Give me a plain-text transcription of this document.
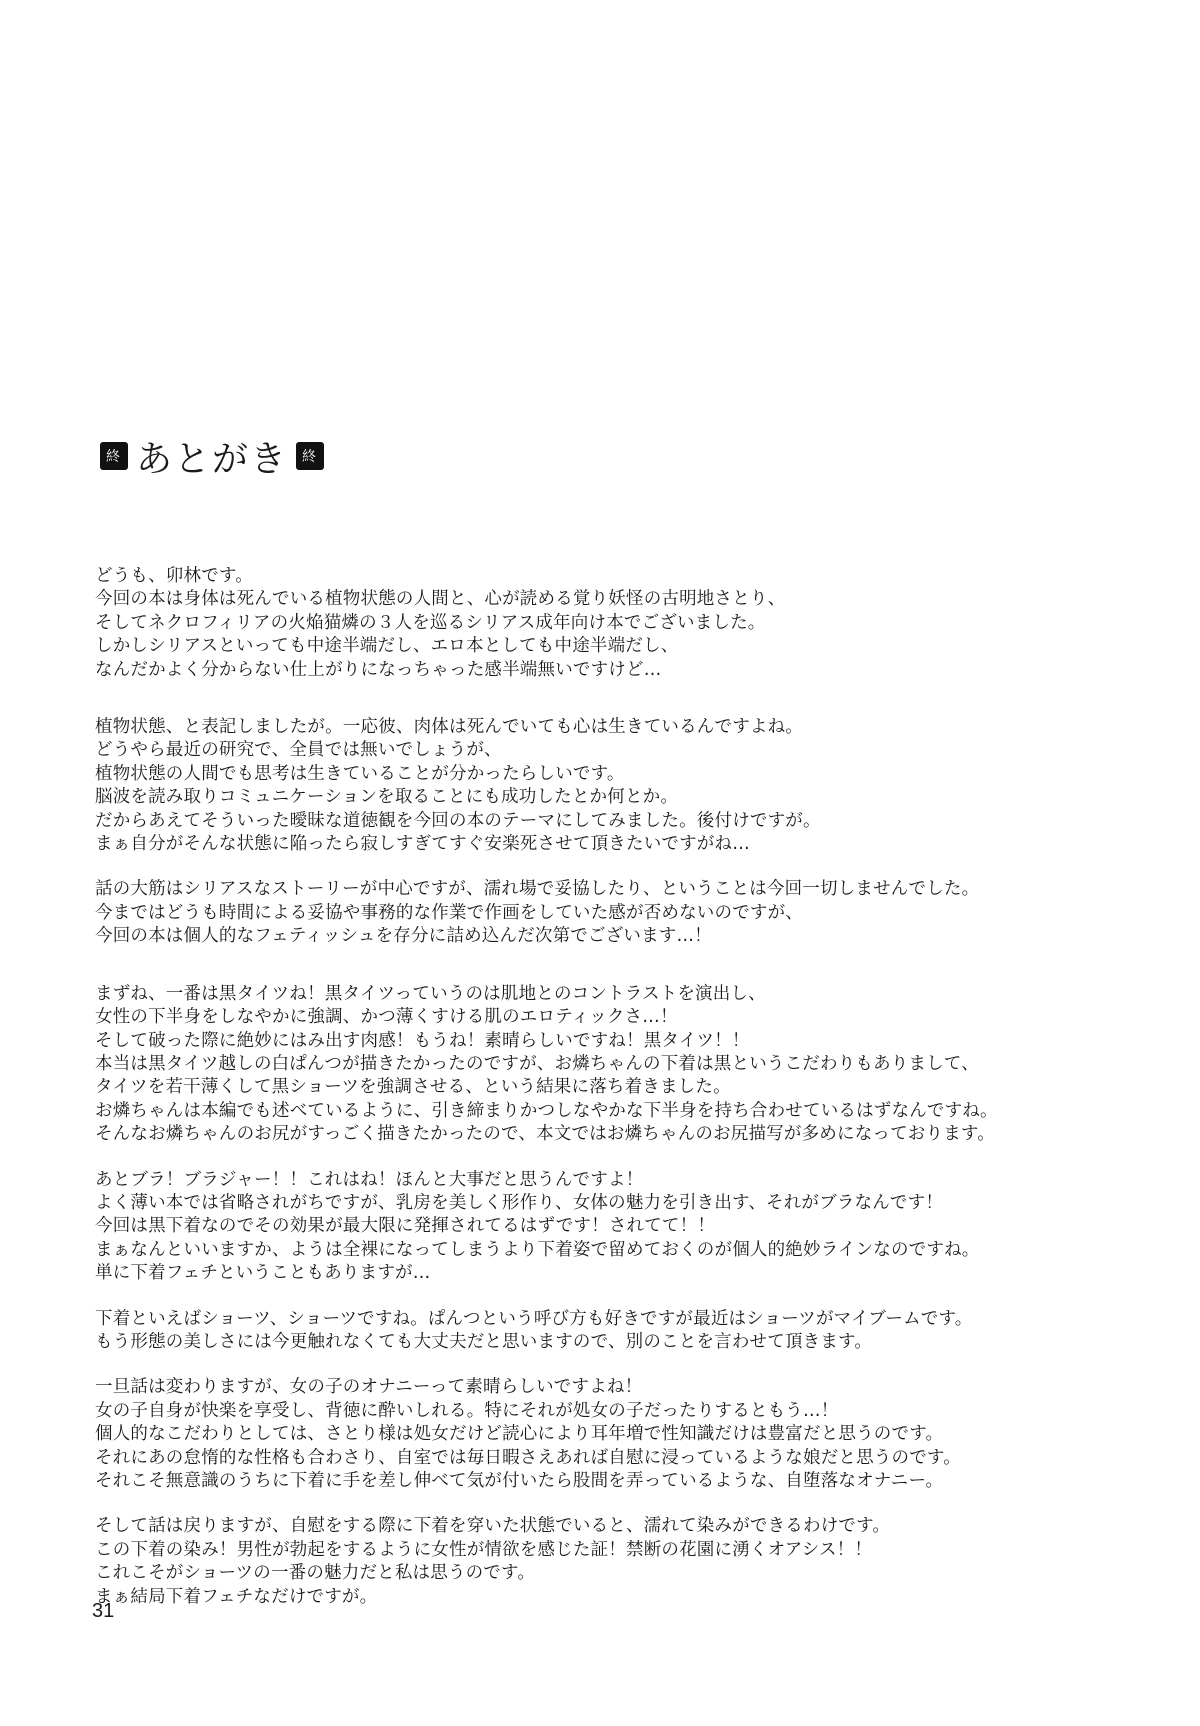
終 あとがき	終

どうも、卯林です。
今回の本は身体は死んでいる植物状態の人間と、心が読める覚り妖怪の古明地さとり、
そしてネクロフィリアの火焔猫燐の３人を巡るシリアス成年向け本でございました。
しかしシリアスといっても中途半端だし、エロ本としても中途半端だし、
なんだかよく分からない仕上がりになっちゃった感半端無いですけど…

植物状態、と表記しましたが。一応彼、肉体は死んでいても心は生きているんですよね。
どうやら最近の研究で、全員では無いでしょうが、
植物状態の人間でも思考は生きていることが分かったらしいです。
脳波を読み取りコミュニケーションを取ることにも成功したとか何とか。
だからあえてそういった曖昧な道徳観を今回の本のテーマにしてみました。後付けですが。
まぁ自分がそんな状態に陥ったら寂しすぎてすぐ安楽死させて頂きたいですがね…

話の大筋はシリアスなストーリーが中心ですが、濡れ場で妥協したり、ということは今回一切しませんでした。
今まではどうも時間による妥協や事務的な作業で作画をしていた感が否めないのですが、
今回の本は個人的なフェティッシュを存分に詰め込んだ次第でございます…！

まずね、一番は黒タイツね！黒タイツっていうのは肌地とのコントラストを演出し、
女性の下半身をしなやかに強調、かつ薄くすける肌のエロティックさ…！
そして破った際に絶妙にはみ出す肉感！もうね！素晴らしいですね！黒タイツ！！
本当は黒タイツ越しの白ぱんつが描きたかったのですが、お燐ちゃんの下着は黒というこだわりもありまして、
タイツを若干薄くして黒ショーツを強調させる、という結果に落ち着きました。
お燐ちゃんは本編でも述べているように、引き締まりかつしなやかな下半身を持ち合わせているはずなんですね。
そんなお燐ちゃんのお尻がすっごく描きたかったので、本文ではお燐ちゃんのお尻描写が多めになっております。

あとブラ！ブラジャー！！これはね！ほんと大事だと思うんですよ！
よく薄い本では省略されがちですが、乳房を美しく形作り、女体の魅力を引き出す、それがブラなんです！
今回は黒下着なのでその効果が最大限に発揮されてるはずです！されてて！！
まぁなんといいますか、ようは全裸になってしまうより下着姿で留めておくのが個人的絶妙ラインなのですね。
単に下着フェチということもありますが…

下着といえばショーツ、ショーツですね。ぱんつという呼び方も好きですが最近はショーツがマイブームです。
もう形態の美しさには今更触れなくても大丈夫だと思いますので、別のことを言わせて頂きます。

一旦話は変わりますが、女の子のオナニーって素晴らしいですよね！
女の子自身が快楽を享受し、背徳に酔いしれる。特にそれが処女の子だったりするともう…！
個人的なこだわりとしては、さとり様は処女だけど読心により耳年増で性知識だけは豊富だと思うのです。
それにあの怠惰的な性格も合わさり、自室では毎日暇さえあれば自慰に浸っているような娘だと思うのです。
それこそ無意識のうちに下着に手を差し伸べて気が付いたら股間を弄っているような、自堕落なオナニー。

そして話は戻りますが、自慰をする際に下着を穿いた状態でいると、濡れて染みができるわけです。
この下着の染み！男性が勃起をするように女性が情欲を感じた証！禁断の花園に湧くオアシス！！
これこそがショーツの一番の魅力だと私は思うのです。
まぁ結局下着フェチなだけですが。

31
